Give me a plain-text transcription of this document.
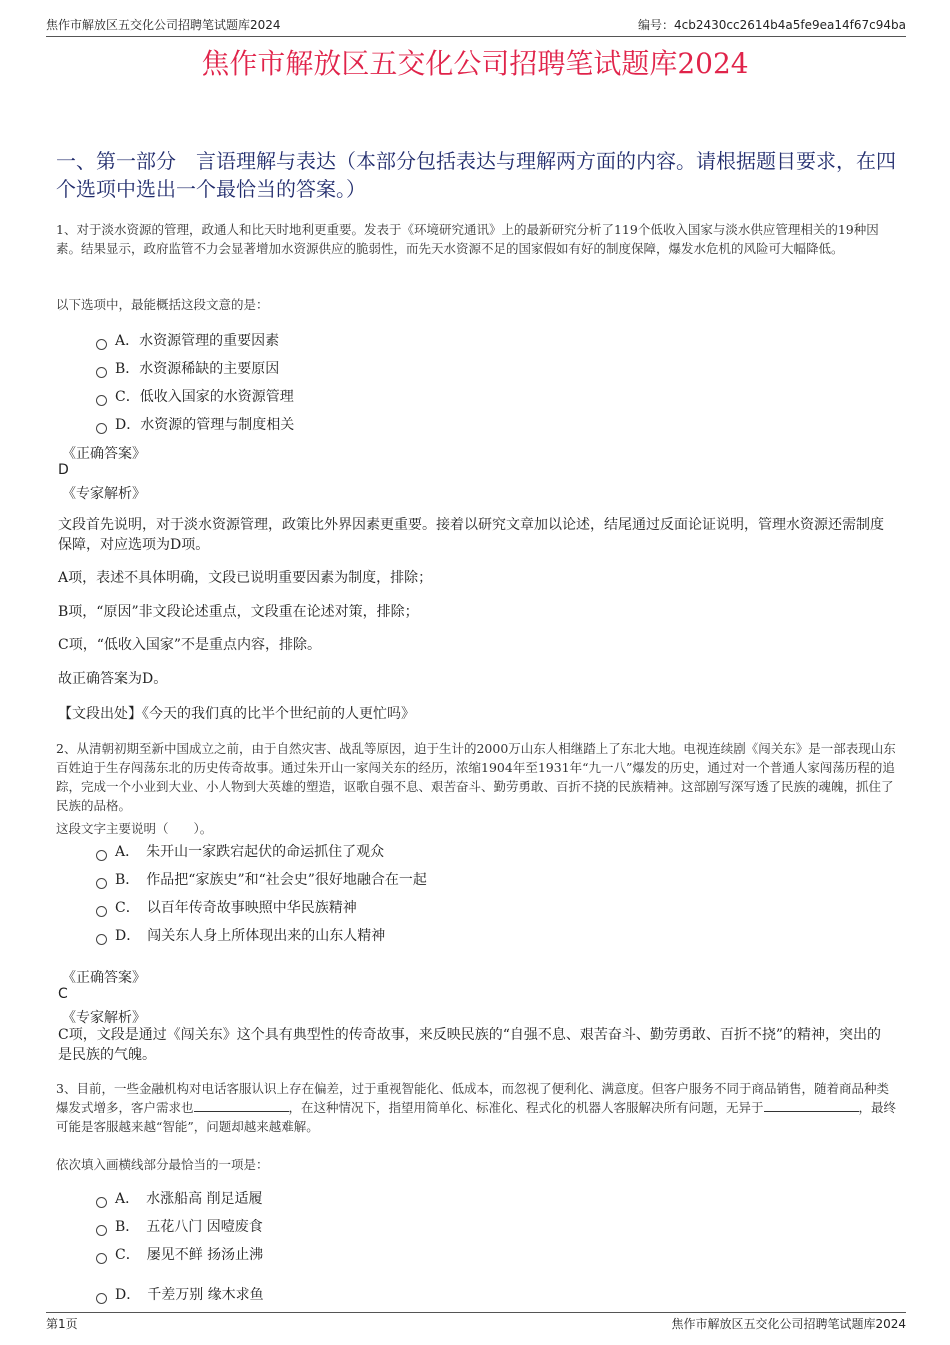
焦作市解放区五交化公司招聘笔试题库2024	编号：4cb2430cc2614b4a5fe9ea14f67c94ba
焦作市解放区五交化公司招聘笔试题库2024
一、第一部分　言语理解与表达（本部分包括表达与理解两方面的内容。请根据题目要求，在四个选项中选出一个最恰当的答案。）
1、对于淡水资源的管理，政通人和比天时地利更重要。发表于《环境研究通讯》上的最新研究分析了119个低收入国家与淡水供应管理相关的19种因素。结果显示，政府监管不力会显著增加水资源供应的脆弱性，而先天水资源不足的国家假如有好的制度保障，爆发水危机的风险可大幅降低。
以下选项中，最能概括这段文意的是：
A．水资源管理的重要因素
B．水资源稀缺的主要原因
C．低收入国家的水资源管理
D．水资源的管理与制度相关
《正确答案》
D
《专家解析》
文段首先说明，对于淡水资源管理，政策比外界因素更重要。接着以研究文章加以论述，结尾通过反面论证说明，管理水资源还需制度保障，对应选项为D项。
A项，表述不具体明确，文段已说明重要因素为制度，排除；
B项，“原因”非文段论述重点，文段重在论述对策，排除；
C项，“低收入国家”不是重点内容，排除。
故正确答案为D。
【文段出处】《今天的我们真的比半个世纪前的人更忙吗》
2、从清朝初期至新中国成立之前，由于自然灾害、战乱等原因，迫于生计的2000万山东人相继踏上了东北大地。电视连续剧《闯关东》是一部表现山东百姓迫于生存闯荡东北的历史传奇故事。通过朱开山一家闯关东的经历，浓缩1904年至1931年“九一八”爆发的历史，通过对一个普通人家闯荡历程的追踪，完成一个小业到大业、小人物到大英雄的塑造，讴歌自强不息、艰苦奋斗、勤劳勇敢、百折不挠的民族精神。这部剧写深写透了民族的魂魄，抓住了民族的品格。
这段文字主要说明（　　）。
A．　朱开山一家跌宕起伏的命运抓住了观众
B．　作品把“家族史”和“社会史”很好地融合在一起
C．　以百年传奇故事映照中华民族精神
D．　闯关东人身上所体现出来的山东人精神
《正确答案》
C
《专家解析》
C项，文段是通过《闯关东》这个具有典型性的传奇故事，来反映民族的“自强不息、艰苦奋斗、勤劳勇敢、百折不挠”的精神，突出的是民族的气魄。
3、目前，一些金融机构对电话客服认识上存在偏差，过于重视智能化、低成本，而忽视了便利化、满意度。但客户服务不同于商品销售，随着商品种类爆发式增多，客户需求也	，在这种情况下，指望用简单化、标准化、程式化的机器人客服解决所有问题，无异于	，最终可能是客服越来越“智能”，问题却越来越难解。
依次填入画横线部分最恰当的一项是：
A．　水涨船高 削足适履
B．　五花八门 因噎废食
C．　屡见不鲜 扬汤止沸
D．　千差万别 缘木求鱼
第1页	焦作市解放区五交化公司招聘笔试题库2024
